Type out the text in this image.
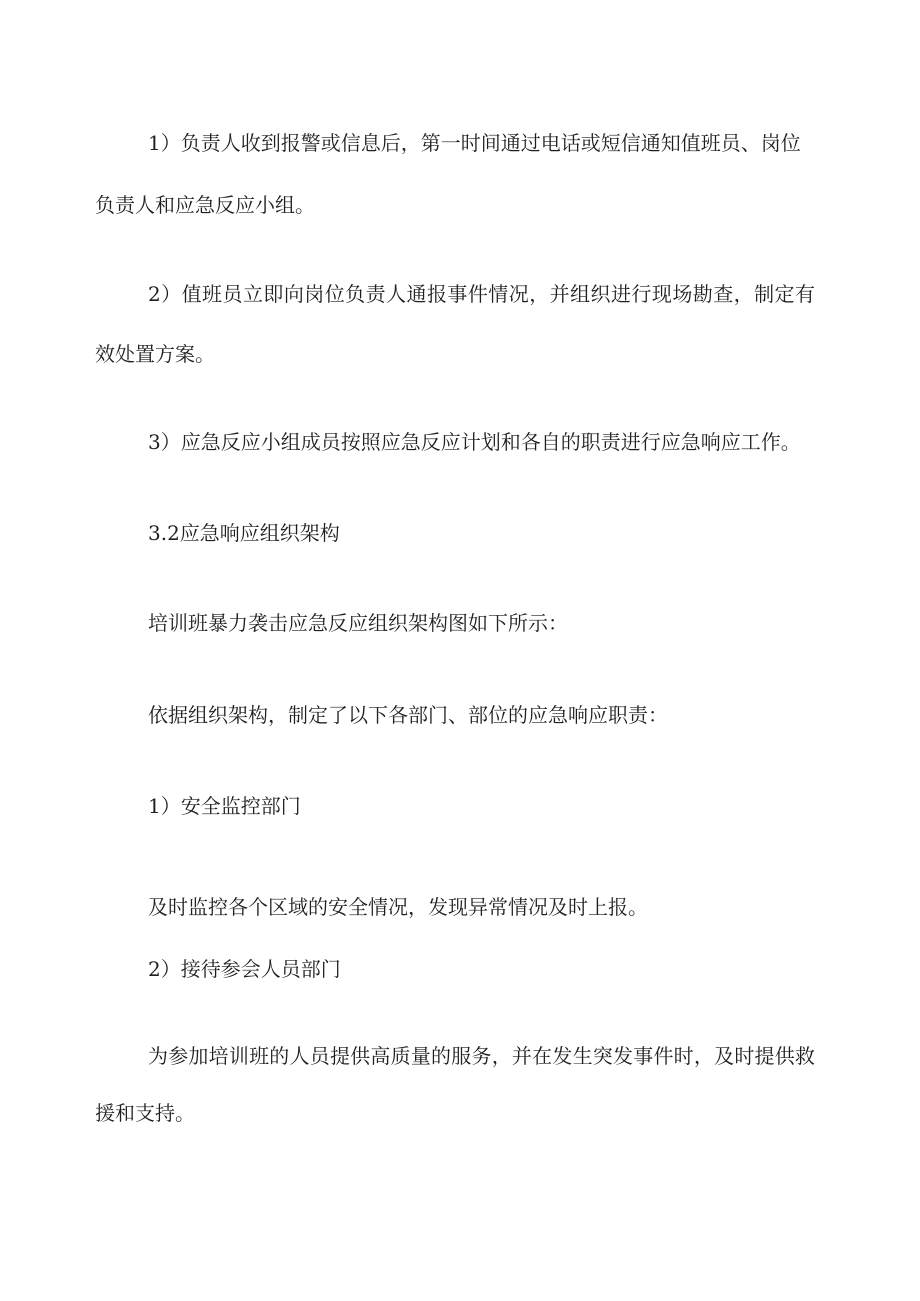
1）负责人收到报警或信息后，第一时间通过电话或短信通知值班员、岗位

负责人和应急反应小组。

2）值班员立即向岗位负责人通报事件情况，并组织进行现场勘查，制定有

效处置方案。

3）应急反应小组成员按照应急反应计划和各自的职责进行应急响应工作。

3.2应急响应组织架构

培训班暴力袭击应急反应组织架构图如下所示：

依据组织架构，制定了以下各部门、部位的应急响应职责：

1）安全监控部门

及时监控各个区域的安全情况，发现异常情况及时上报。

2）接待参会人员部门

为参加培训班的人员提供高质量的服务，并在发生突发事件时，及时提供救

援和支持。
